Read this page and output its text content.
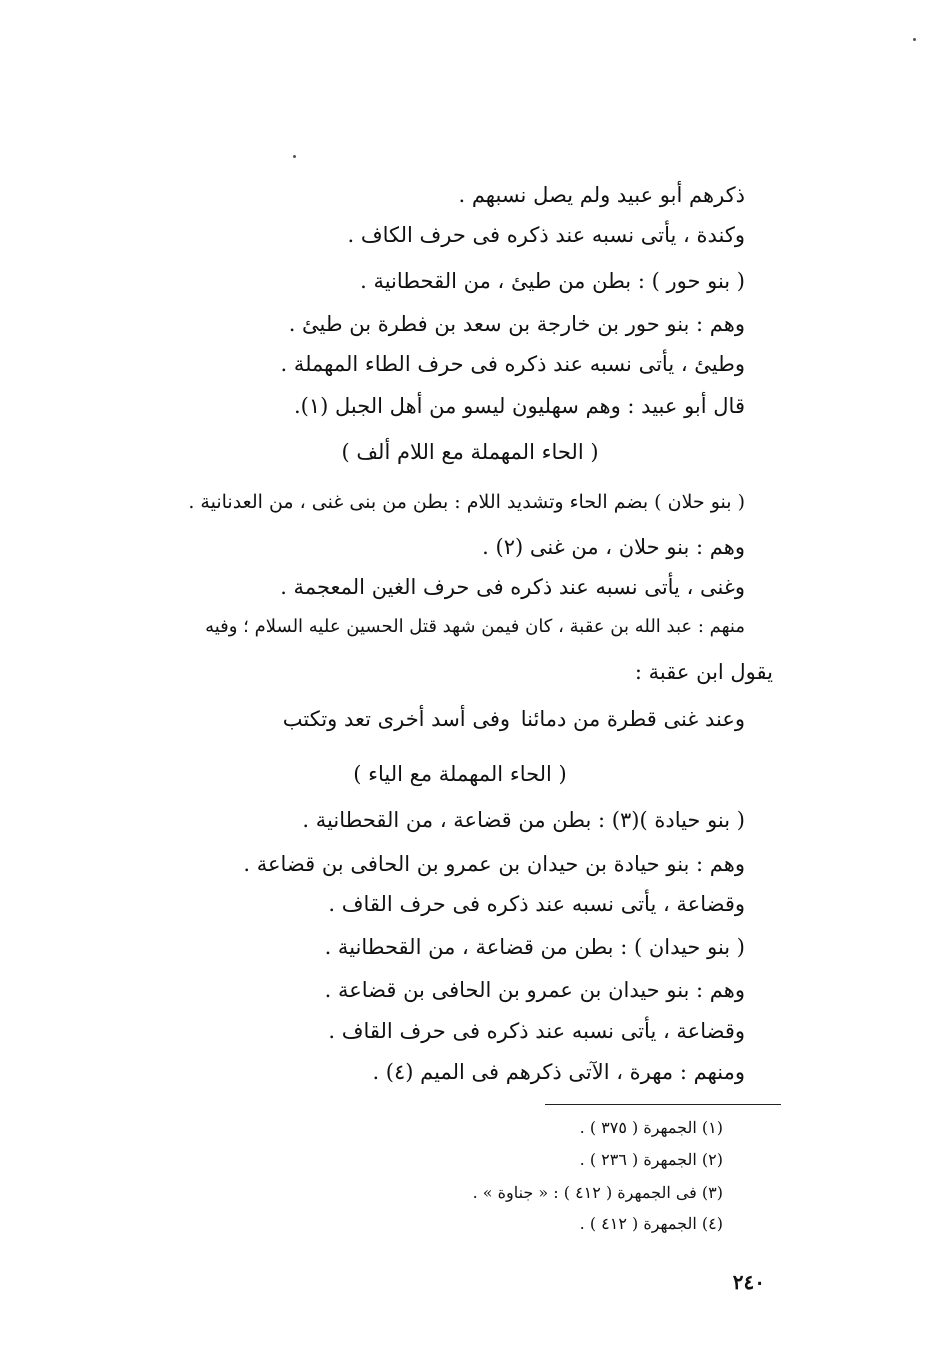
ذكرهم أبو عبيد ولم يصل نسبهم .
وكندة ، يأتى نسبه عند ذكره فى حرف الكاف .
( بنو حور ) : بطن من طيئ ، من القحطانية .
وهم : بنو حور بن خارجة بن سعد بن فطرة بن طيئ .
وطيئ ، يأتى نسبه عند ذكره فى حرف الطاء المهملة .
قال أبو عبيد : وهم سهليون ليسو من أهل الجبل (١).
( الحاء المهملة مع اللام ألف )
( بنو حلان ) بضم الحاء وتشديد اللام : بطن من بنى غنى ، من العدنانية .
وهم : بنو حلان ، من غنى (٢) .
وغنى ، يأتى نسبه عند ذكره فى حرف الغين المعجمة .
منهم : عبد الله بن عقبة ، كان فيمن شهد قتل الحسين عليه السلام ؛ وفيه
يقول ابن عقبة :
وعند غنى قطرة من دمائنا
وفى أسد أخرى تعد وتكتب
( الحاء المهملة مع الياء )
( بنو حيادة )(٣) : بطن من قضاعة ، من القحطانية .
وهم : بنو حيادة بن حيدان بن عمرو بن الحافى بن قضاعة .
وقضاعة ، يأتى نسبه عند ذكره فى حرف القاف .
( بنو حيدان ) : بطن من قضاعة ، من القحطانية .
وهم : بنو حيدان بن عمرو بن الحافى بن قضاعة .
وقضاعة ، يأتى نسبه عند ذكره فى حرف القاف .
ومنهم : مهرة ، الآتى ذكرهم فى الميم (٤) .
(١) الجمهرة ( ٣٧٥ ) .
(٢) الجمهرة ( ٢٣٦ ) .
(٣) فى الجمهرة ( ٤١٢ ) : « جناوة » .
(٤) الجمهرة ( ٤١٢ ) .
٢٤٠
